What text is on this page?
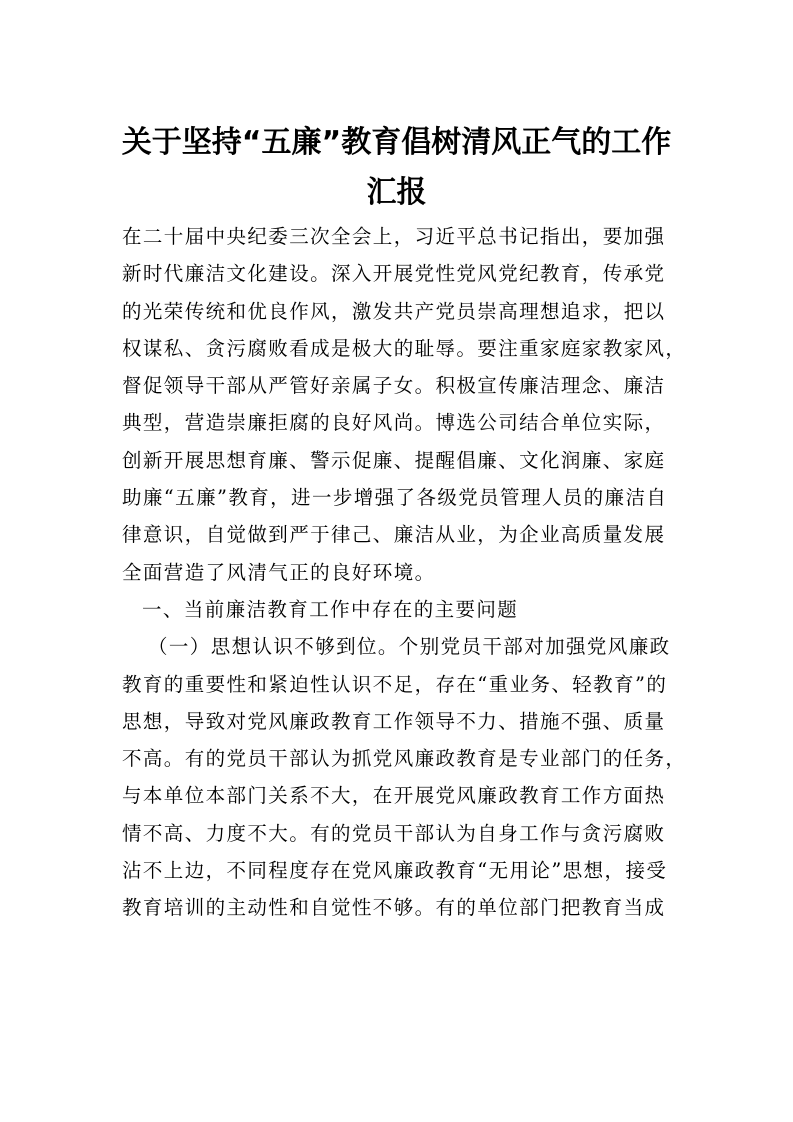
关于坚持“五廉”教育倡树清风正气的工作
汇报
在二十届中央纪委三次全会上，习近平总书记指出，要加强
新时代廉洁文化建设。深入开展党性党风党纪教育，传承党
的光荣传统和优良作风，激发共产党员崇高理想追求，把以
权谋私、贪污腐败看成是极大的耻辱。要注重家庭家教家风，
督促领导干部从严管好亲属子女。积极宣传廉洁理念、廉洁
典型，营造崇廉拒腐的良好风尚。博选公司结合单位实际，
创新开展思想育廉、警示促廉、提醒倡廉、文化润廉、家庭
助廉“五廉”教育，进一步增强了各级党员管理人员的廉洁自
律意识，自觉做到严于律己、廉洁从业，为企业高质量发展
全面营造了风清气正的良好环境。
一、当前廉洁教育工作中存在的主要问题
（一）思想认识不够到位。个别党员干部对加强党风廉政
教育的重要性和紧迫性认识不足，存在“重业务、轻教育”的
思想，导致对党风廉政教育工作领导不力、措施不强、质量
不高。有的党员干部认为抓党风廉政教育是专业部门的任务，
与本单位本部门关系不大，在开展党风廉政教育工作方面热
情不高、力度不大。有的党员干部认为自身工作与贪污腐败
沾不上边，不同程度存在党风廉政教育“无用论”思想，接受
教育培训的主动性和自觉性不够。有的单位部门把教育当成
